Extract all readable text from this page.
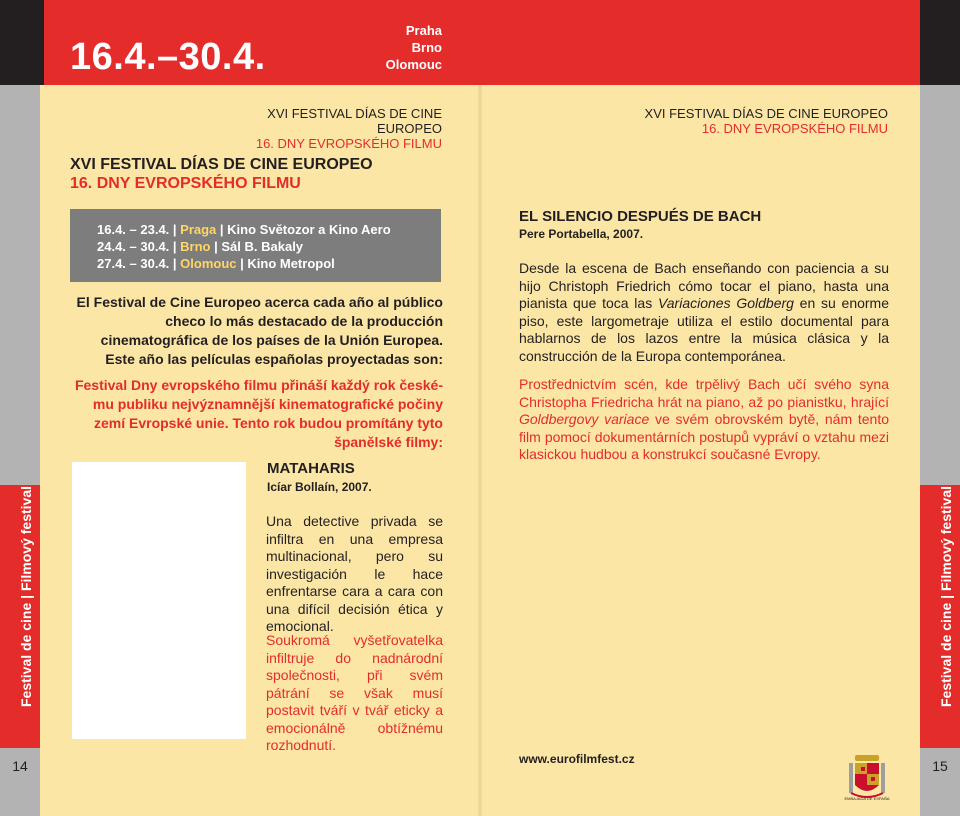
16.4.–30.4.
Praha
Brno
Olomouc
Festival de cine | Filmový festival	Festival de cine | Filmový festival
14	15
XVI FESTIVAL DÍAS DE CINE EUROPEO
16. DNY EVROPSKÉHO FILMU
XVI FESTIVAL DÍAS DE CINE EUROPEO
16. DNY EVROPSKÉHO FILMU
XVI FESTIVAL DÍAS DE CINE EUROPEO
16. DNY EVROPSKÉHO FILMU
16.4. – 23.4. | Praga | Kino Světozor a Kino Aero
24.4. – 30.4. | Brno | Sál B. Bakaly
27.4. – 30.4. | Olomouc | Kino Metropol
El Festival de Cine Europeo acerca cada año al público checo lo más destacado de la producción cinematográfica de los países de la Unión Europea. Este año las películas españolas proyectadas son:
Festival Dny evropského filmu přináší každý rok české-mu publiku nejvýznamnější kinematografické počiny zemí Evropské unie. Tento rok budou promítány tyto španělské filmy:
MATAHARIS
Icíar Bollaín, 2007.
Una detective privada se infiltra en una empresa multinacional, pero su investigación le hace enfrentarse cara a cara con una difícil decisión ética y emocional.
Soukromá vyšetřovatelka infiltruje do nadnárodní společnosti, při svém pátrání se však musí postavit tváří v tvář eticky a emocionálně obtížnému rozhodnutí.
EL SILENCIO DESPUÉS DE BACH
Pere Portabella, 2007.
Desde la escena de Bach enseñando con paciencia a su hijo Christoph Friedrich cómo tocar el piano, hasta una pianista que toca las Variaciones Goldberg en su enorme piso, este largometraje utiliza el estilo documental para hablarnos de los lazos entre la música clásica y la construcción de la Europa contemporánea.
Prostřednictvím scén, kde trpělivý Bach učí svého syna Christopha Friedricha hrát na piano, až po pianistku, hrající Goldbergovy variace ve svém obrovském bytě, nám tento film pomocí dokumentárních postupů vypráví o vztahu mezi klasickou hudbou a konstrukcí současné Evropy.
www.eurofilmfest.cz
EMBAJADA DE ESPAÑA
